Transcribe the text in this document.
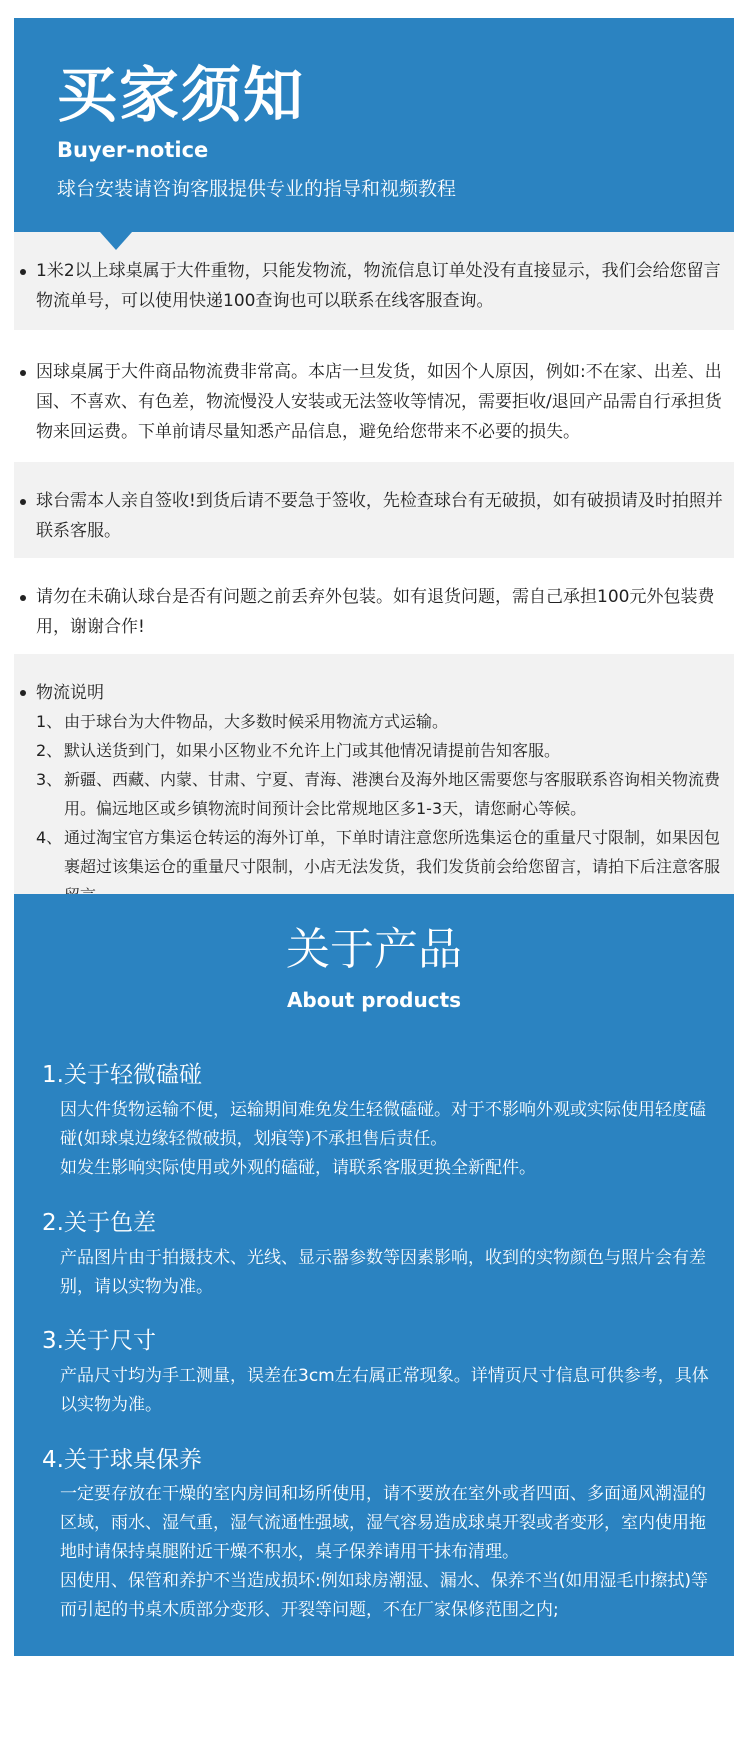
买家须知
Buyer-notice
球台安装请咨询客服提供专业的指导和视频教程
1米2以上球桌属于大件重物，只能发物流，物流信息订单处没有直接显示，我们会给您留言物流单号，可以使用快递100查询也可以联系在线客服查询。
因球桌属于大件商品物流费非常高。本店一旦发货，如因个人原因，例如:不在家、出差、出国、不喜欢、有色差，物流慢没人安装或无法签收等情况，需要拒收/退回产品需自行承担货物来回运费。下单前请尽量知悉产品信息，避免给您带来不必要的损失。
球台需本人亲自签收!到货后请不要急于签收，先检查球台有无破损，如有破损请及时拍照并联系客服。
请勿在未确认球台是否有问题之前丢弃外包装。如有退货问题，需自己承担100元外包装费用，谢谢合作!
物流说明
1、 由于球台为大件物品，大多数时候采用物流方式运输。
2、 默认送货到门，如果小区物业不允许上门或其他情况请提前告知客服。
3、 新疆、西藏、内蒙、甘肃、宁夏、青海、港澳台及海外地区需要您与客服联系咨询相关物流费用。偏远地区或乡镇物流时间预计会比常规地区多1-3天，请您耐心等候。
4、 通过淘宝官方集运仓转运的海外订单，下单时请注意您所选集运仓的重量尺寸限制，如果因包裹超过该集运仓的重量尺寸限制，小店无法发货，我们发货前会给您留言，请拍下后注意客服
关于产品
About products
1.关于轻微磕碰
因大件货物运输不便，运输期间难免发生轻微磕碰。对于不影响外观或实际使用轻度磕碰(如球桌边缘轻微破损，划痕等)不承担售后责任。
如发生影响实际使用或外观的磕碰，请联系客服更换全新配件。
2.关于色差
产品图片由于拍摄技术、光线、显示器参数等因素影响，收到的实物颜色与照片会有差别，请以实物为准。
3.关于尺寸
产品尺寸均为手工测量，误差在3cm左右属正常现象。详情页尺寸信息可供参考，具体以实物为准。
4.关于球桌保养
一定要存放在干燥的室内房间和场所使用，请不要放在室外或者四面、多面通风潮湿的区域，雨水、湿气重，湿气流通性强域，湿气容易造成球桌开裂或者变形，室内使用拖地时请保持桌腿附近干燥不积水，桌子保养请用干抹布清理。
因使用、保管和养护不当造成损坏:例如球房潮湿、漏水、保养不当(如用湿毛巾擦拭)等而引起的书桌木质部分变形、开裂等问题，不在厂家保修范围之内;
